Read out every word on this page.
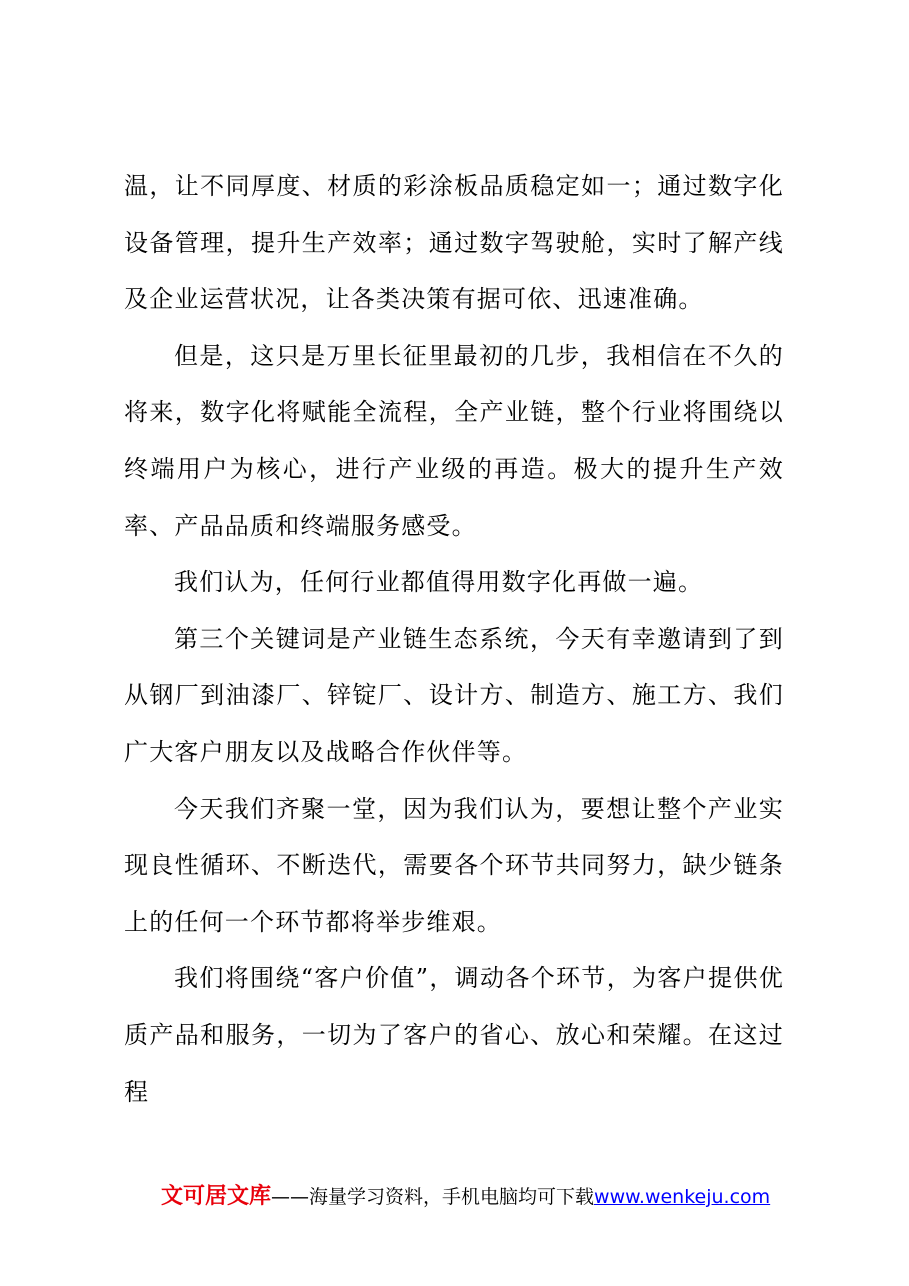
温，让不同厚度、材质的彩涂板品质稳定如一；通过数字化设备管理，提升生产效率；通过数字驾驶舱，实时了解产线及企业运营状况，让各类决策有据可依、迅速准确。

但是，这只是万里长征里最初的几步，我相信在不久的将来，数字化将赋能全流程，全产业链，整个行业将围绕以终端用户为核心，进行产业级的再造。极大的提升生产效率、产品品质和终端服务感受。

我们认为，任何行业都值得用数字化再做一遍。

第三个关键词是产业链生态系统，今天有幸邀请到了到从钢厂到油漆厂、锌锭厂、设计方、制造方、施工方、我们广大客户朋友以及战略合作伙伴等。

今天我们齐聚一堂，因为我们认为，要想让整个产业实现良性循环、不断迭代，需要各个环节共同努力，缺少链条上的任何一个环节都将举步维艰。

我们将围绕“客户价值”，调动各个环节，为客户提供优质产品和服务，一切为了客户的省心、放心和荣耀。在这过程

文可居文库——海量学习资料，手机电脑均可下载www.wenkeju.com
